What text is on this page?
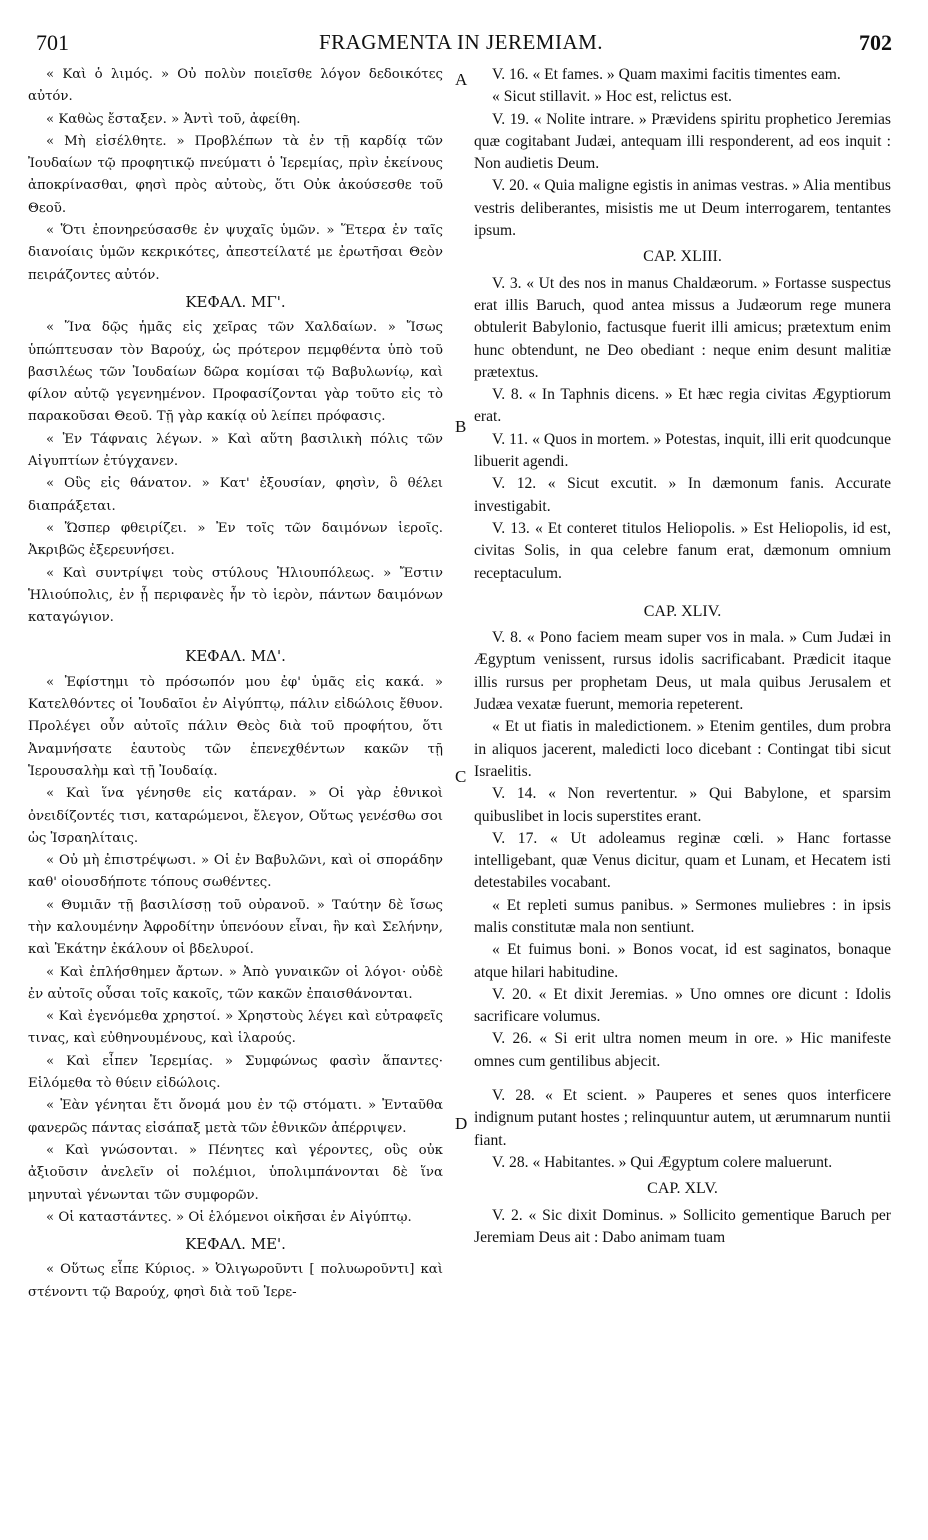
701	FRAGMENTA IN JEREMIAM.	702

« Καὶ ὁ λιμός. » Οὐ πολὺν ποιεῖσθε λόγον δεδοικότες αὐτόν.

« Καθὼς ἔσταξεν. » Ἀντὶ τοῦ, ἀφείθη.

« Μὴ εἰσέλθητε. » Προβλέπων τὰ ἐν τῇ καρδίᾳ τῶν Ἰουδαίων τῷ προφητικῷ πνεύματι ὁ Ἱερεμίας, πρὶν ἐκείνους ἀποκρίνασθαι, φησὶ πρὸς αὐτοὺς, ὅτι Οὐκ ἀκούσεσθε τοῦ Θεοῦ.

« Ὅτι ἐπονηρεύσασθε ἐν ψυχαῖς ὑμῶν. » Ἕτερα ἐν ταῖς διανοίαις ὑμῶν κεκρικότες, ἀπεστείλατέ με ἐρωτῆσαι Θεὸν πειράζοντες αὐτόν.

ΚΕΦΑΛ. ΜΓ'.

« Ἵνα δῷς ἡμᾶς εἰς χεῖρας τῶν Χαλδαίων. » Ἴσως ὑπώπτευσαν τὸν Βαρούχ, ὡς πρότερον πεμφθέντα ὑπὸ τοῦ βασιλέως τῶν Ἰουδαίων δῶρα κομίσαι τῷ Βαβυλωνίῳ, καὶ φίλον αὐτῷ γεγενημένον. Προφασίζονται γὰρ τοῦτο εἰς τὸ παρακοῦσαι Θεοῦ. Τῇ γὰρ κακίᾳ οὐ λείπει πρόφασις.

« Ἐν Τάφναις λέγων. » Καὶ αὕτη βασιλικὴ πόλις τῶν Αἰγυπτίων ἐτύγχανεν.

« Οὓς εἰς θάνατον. » Κατ' ἐξουσίαν, φησὶν, ὃ θέλει διαπράξεται.

« Ὥσπερ φθειρίζει. » Ἐν τοῖς τῶν δαιμόνων ἱεροῖς. Ἀκριβῶς ἐξερευνήσει.

« Καὶ συντρίψει τοὺς στύλους Ἡλιουπόλεως. » Ἔστιν Ἡλιούπολις, ἐν ᾗ περιφανὲς ἦν τὸ ἱερὸν, πάντων δαιμόνων καταγώγιον.

ΚΕΦΑΛ. ΜΔ'.

« Ἐφίστημι τὸ πρόσωπόν μου ἐφ' ὑμᾶς εἰς κακά. » Κατελθόντες οἱ Ἰουδαῖοι ἐν Αἰγύπτῳ, πάλιν εἰδώλοις ἔθυον. Προλέγει οὖν αὐτοῖς πάλιν Θεὸς διὰ τοῦ προφήτου, ὅτι Ἀναμνήσατε ἑαυτοὺς τῶν ἐπενεχθέντων κακῶν τῇ Ἱερουσαλὴμ καὶ τῇ Ἰουδαίᾳ.

« Καὶ ἵνα γένησθε εἰς κατάραν. » Οἱ γὰρ ἐθνικοὶ ὀνειδίζοντές τισι, καταρώμενοι, ἔλεγον, Οὕτως γενέσθω σοι ὡς Ἰσραηλίταις.

« Οὐ μὴ ἐπιστρέψωσι. » Οἱ ἐν Βαβυλῶνι, καὶ οἱ σποράδην καθ' οἱουσδήποτε τόπους σωθέντες.

« Θυμιᾶν τῇ βασιλίσσῃ τοῦ οὐρανοῦ. » Ταύτην δὲ ἴσως τὴν καλουμένην Ἀφροδίτην ὑπενόουν εἶναι, ἣν καὶ Σελήνην, καὶ Ἑκάτην ἐκάλουν οἱ βδελυροί.

« Καὶ ἐπλήσθημεν ἄρτων. » Ἀπὸ γυναικῶν οἱ λόγοι· οὐδὲ ἐν αὐτοῖς οὖσαι τοῖς κακοῖς, τῶν κακῶν ἐπαισθάνονται.

« Καὶ ἐγενόμεθα χρηστοί. » Χρηστοὺς λέγει καὶ εὐτραφεῖς τινας, καὶ εὐθηνουμένους, καὶ ἱλαρούς.

« Καὶ εἶπεν Ἱερεμίας. » Συμφώνως φασὶν ἅπαντες· Εἱλόμεθα τὸ θύειν εἰδώλοις.

« Ἐὰν γένηται ἔτι ὄνομά μου ἐν τῷ στόματι. » Ἐνταῦθα φανερῶς πάντας εἰσάπαξ μετὰ τῶν ἐθνικῶν ἀπέρριψεν.

« Καὶ γνώσονται. » Πένητες καὶ γέροντες, οὓς οὐκ ἀξιοῦσιν ἀνελεῖν οἱ πολέμιοι, ὑπολιμπάνονται δὲ ἵνα μηνυταὶ γένωνται τῶν συμφορῶν.

« Οἱ καταστάντες. » Οἱ ἑλόμενοι οἰκῆσαι ἐν Αἰγύπτῳ.

ΚΕΦΑΛ. ΜΕ'.

« Οὕτως εἶπε Κύριος. » Ὀλιγωροῦντι [ πολυωροῦντι] καὶ στένοντι τῷ Βαρούχ, φησὶ διὰ τοῦ Ἱερε-

V. 16. « Et fames. » Quam maximi facitis timentes eam.

« Sicut stillavit. » Hoc est, relictus est.

V. 19. « Nolite intrare. » Prævidens spiritu prophetico Jeremias quæ cogitabant Judæi, antequam illi responderent, ad eos inquit : Non audietis Deum.

V. 20. « Quia maligne egistis in animas vestras. » Alia mentibus vestris deliberantes, misistis me ut Deum interrogarem, tentantes ipsum.

CAP. XLIII.

V. 3. « Ut des nos in manus Chaldæorum. » Fortasse suspectus erat illis Baruch, quod antea missus a Judæorum rege munera obtulerit Babylonio, factusque fuerit illi amicus; prætextum enim hunc obtendunt, ne Deo obediant : neque enim desunt malitiæ prætextus.

V. 8. « In Taphnis dicens. » Et hæc regia civitas Ægyptiorum erat.

V. 11. « Quos in mortem. » Potestas, inquit, illi erit quodcunque libuerit agendi.

V. 12. « Sicut excutit. » In dæmonum fanis. Accurate investigabit.

V. 13. « Et conteret titulos Heliopolis. » Est Heliopolis, id est, civitas Solis, in qua celebre fanum erat, dæmonum omnium receptaculum.

CAP. XLIV.

V. 8. « Pono faciem meam super vos in mala. » Cum Judæi in Ægyptum venissent, rursus idolis sacrificabant. Prædicit itaque illis rursus per prophetam Deus, ut mala quibus Jerusalem et Judæa vexatæ fuerunt, memoria repeterent.

« Et ut fiatis in maledictionem. » Etenim gentiles, dum probra in aliquos jacerent, maledicti loco dicebant : Contingat tibi sicut Israelitis.

V. 14. « Non revertentur. » Qui Babylone, et sparsim quibuslibet in locis superstites erant.

V. 17. « Ut adoleamus reginæ cœli. » Hanc fortasse intelligebant, quæ Venus dicitur, quam et Lunam, et Hecatem isti detestabiles vocabant.

« Et repleti sumus panibus. » Sermones muliebres : in ipsis malis constitutæ mala non sentiunt.

« Et fuimus boni. » Bonos vocat, id est saginatos, bonaque atque hilari habitudine.

V. 20. « Et dixit Jeremias. » Uno omnes ore dicunt : Idolis sacrificare volumus.

V. 26. « Si erit ultra nomen meum in ore. » Hic manifeste omnes cum gentilibus abjecit.

V. 28. « Et scient. » Pauperes et senes quos interficere indignum putant hostes ; relinquuntur autem, ut ærumnarum nuntii fiant.

V. 28. « Habitantes. » Qui Ægyptum colere maluerunt.

CAP. XLV.

V. 2. « Sic dixit Dominus. » Sollicito gementique Baruch per Jeremiam Deus ait : Dabo animam tuam

A
B
C
D
